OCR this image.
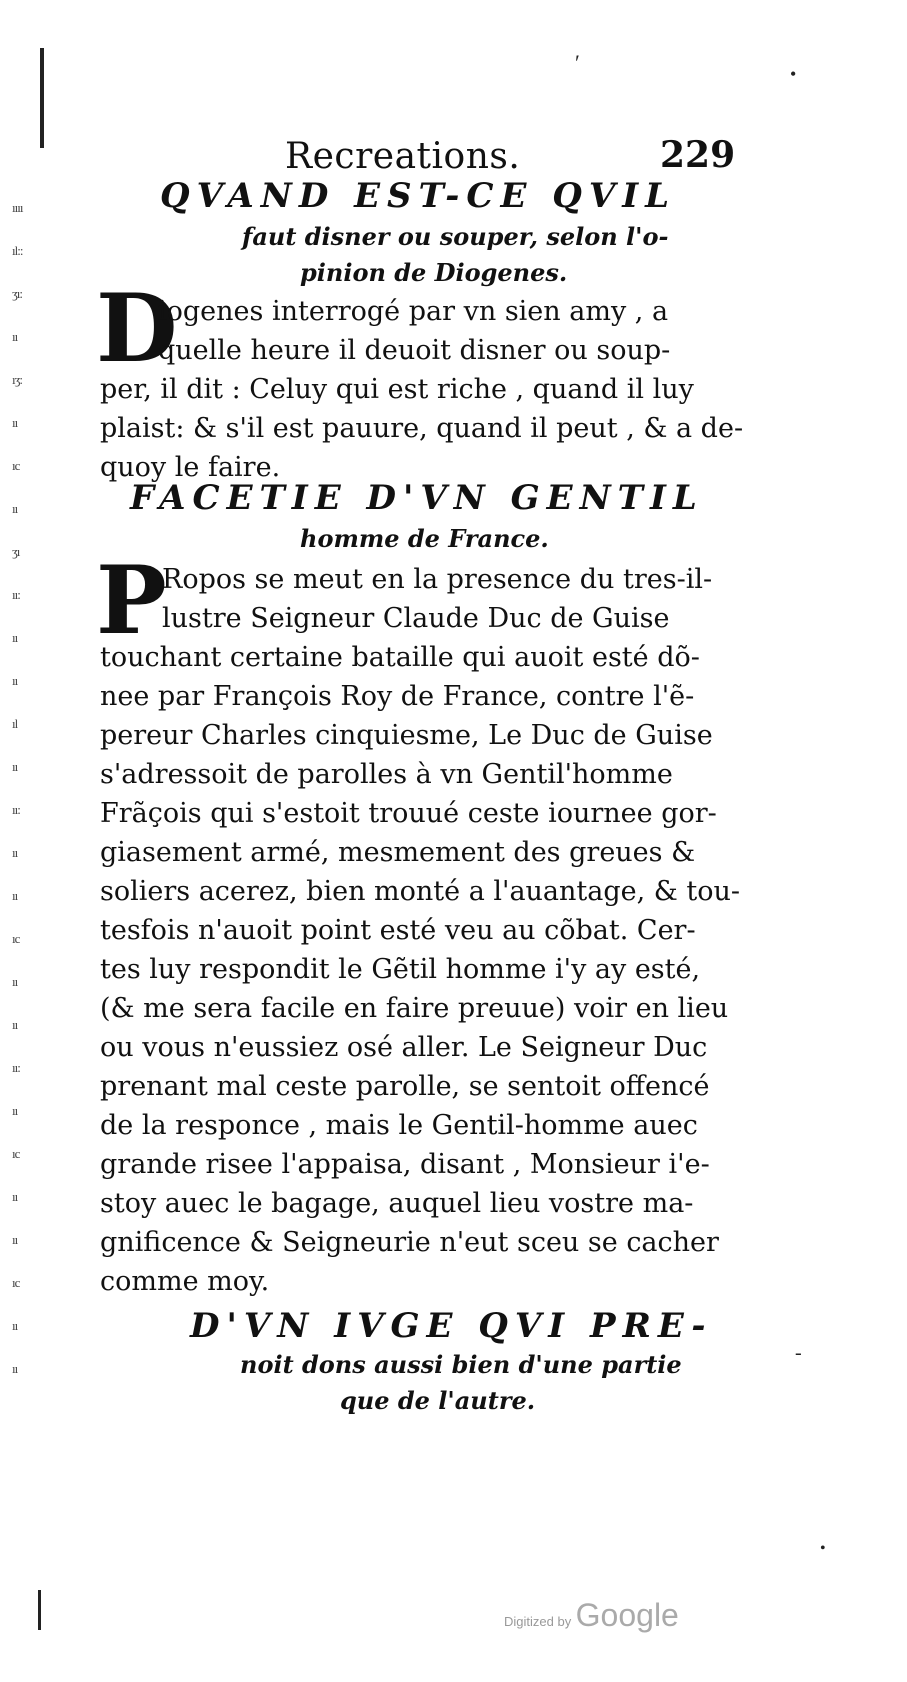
ıııı
ıl::
ʒı:
ıı
ıʒ:
ıı
ıc
ıı
ʒı
ıı:
ıı
ıı
ıl
ıı
ıı:
ıı
ıı
ıc
ıı
ıı
ıı:
ıı
ıc
ıı
ıı
ıc
ıı
ıı
′	•
-
•
Recreations.	229
QVAND EST-CE QVIL
faut disner ou souper, selon l'o-
pinion de Diogenes.
D
iogenes interrogé par vn sien amy , a
quelle heure il deuoit disner ou soup-
per, il dit : Celuy qui est riche , quand il luy
plaist: & s'il est pauure, quand il peut , & a de-
quoy le faire.
FACETIE D'VN GENTIL
homme de France.
P
Ropos se meut en la presence du tres-il-
lustre Seigneur Claude Duc de Guise
touchant certaine bataille qui auoit esté dõ-
nee par François Roy de France, contre l'ẽ-
pereur Charles cinquiesme, Le Duc de Guise
s'adressoit de parolles à vn Gentil'homme
Frãçois qui s'estoit trouué ceste iournee gor-
giasement armé, mesmement des greues &
soliers acerez, bien monté a l'auantage, & tou-
tesfois n'auoit point esté veu au cõbat. Cer-
tes luy respondit le Gẽtil homme i'y ay esté,
(& me sera facile en faire preuue) voir en lieu
ou vous n'eussiez osé aller. Le Seigneur Duc
prenant mal ceste parolle, se sentoit offencé
de la responce , mais le Gentil-homme auec
grande risee l'appaisa, disant , Monsieur i'e-
stoy auec le bagage, auquel lieu vostre ma-
gnificence & Seigneurie n'eut sceu se cacher
comme moy.
D'VN IVGE QVI PRE-
noit dons aussi bien d'une partie
que de l'autre.
Digitized by Google
